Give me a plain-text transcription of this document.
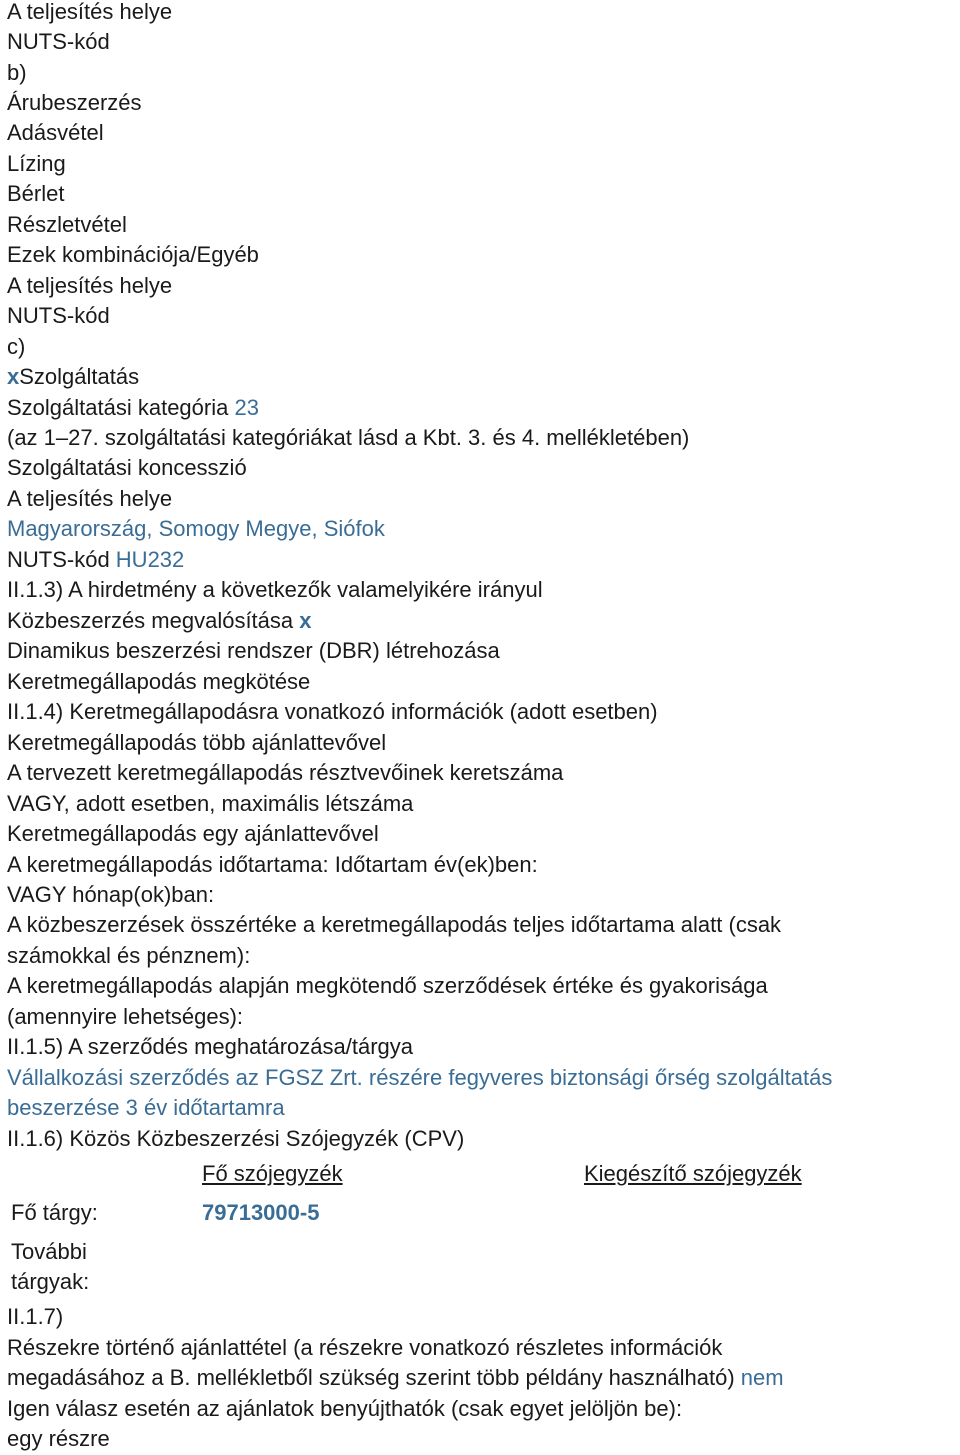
A teljesítés helye
NUTS-kód
b)
Árubeszerzés
Adásvétel
Lízing
Bérlet
Részletvétel
Ezek kombinációja/Egyéb
A teljesítés helye
NUTS-kód
c)
xSzolgáltatás
Szolgáltatási kategória 23
(az 1–27. szolgáltatási kategóriákat lásd a Kbt. 3. és 4. mellékletében)
Szolgáltatási koncesszió
A teljesítés helye
Magyarország, Somogy Megye, Siófok
NUTS-kód HU232
II.1.3) A hirdetmény a következők valamelyikére irányul
Közbeszerzés megvalósítása x
Dinamikus beszerzési rendszer (DBR) létrehozása
Keretmegállapodás megkötése
II.1.4) Keretmegállapodásra vonatkozó információk (adott esetben)
Keretmegállapodás több ajánlattevővel
A tervezett keretmegállapodás résztvevőinek keretszáma
VAGY, adott esetben, maximális létszáma
Keretmegállapodás egy ajánlattevővel
A keretmegállapodás időtartama: Időtartam év(ek)ben:
VAGY hónap(ok)ban:
A közbeszerzések összértéke a keretmegállapodás teljes időtartama alatt (csak
számokkal és pénznem):
A keretmegállapodás alapján megkötendő szerződések értéke és gyakorisága
(amennyire lehetséges):
II.1.5) A szerződés meghatározása/tárgya
Vállalkozási szerződés az FGSZ Zrt. részére fegyveres biztonsági őrség szolgáltatás
beszerzése 3 év időtartamra
II.1.6) Közös Közbeszerzési Szójegyzék (CPV)
Fő szójegyzék	Kiegészítő szójegyzék
Fő tárgy:	79713000-5
További
tárgyak:
II.1.7)
Részekre történő ajánlattétel (a részekre vonatkozó részletes információk
megadásához a B. mellékletből szükség szerint több példány használható) nem
Igen válasz esetén az ajánlatok benyújthatók (csak egyet jelöljön be):
egy részre
